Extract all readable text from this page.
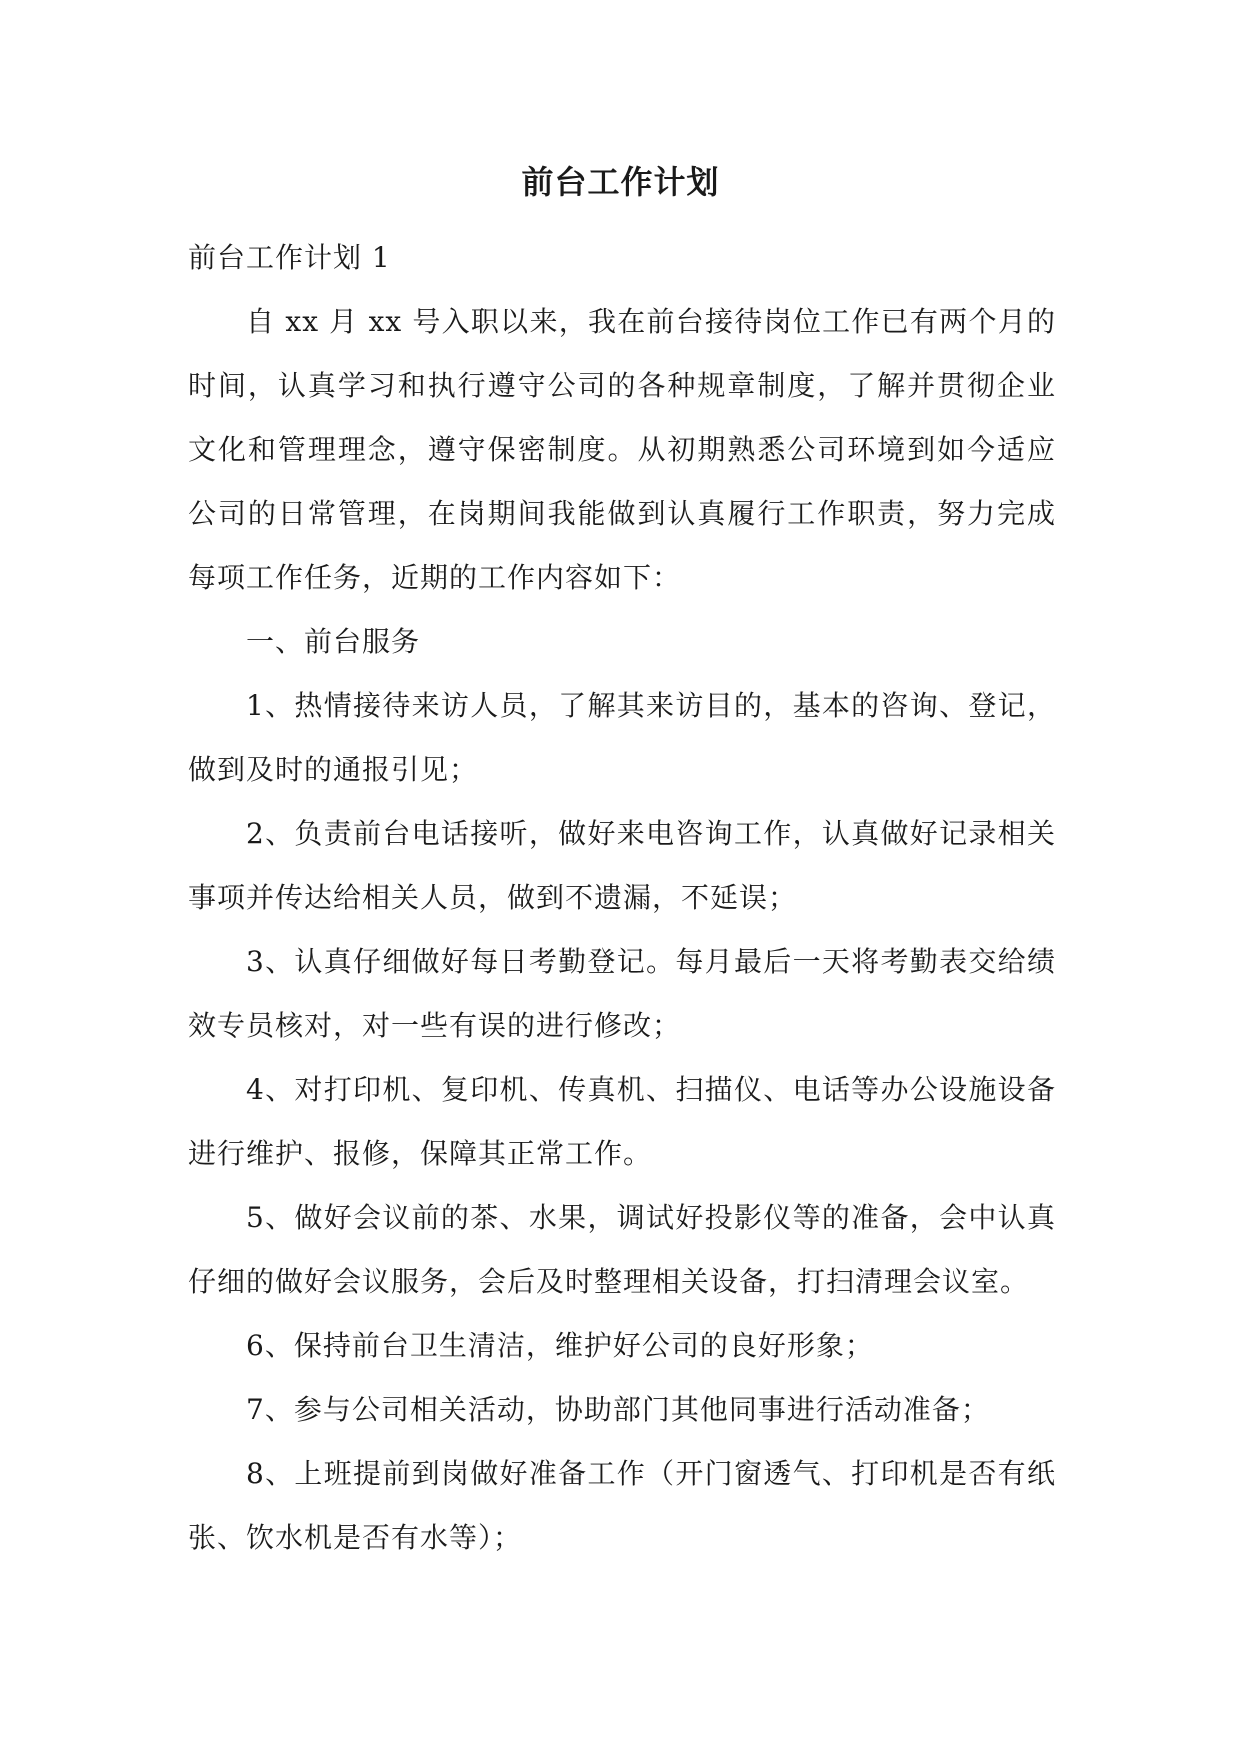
前台工作计划

前台工作计划 1

自 xx 月 xx 号入职以来，我在前台接待岗位工作已有两个月的时间，认真学习和执行遵守公司的各种规章制度，了解并贯彻企业文化和管理理念，遵守保密制度。从初期熟悉公司环境到如今适应公司的日常管理，在岗期间我能做到认真履行工作职责，努力完成每项工作任务，近期的工作内容如下：

一、前台服务

1、热情接待来访人员，了解其来访目的，基本的咨询、登记，做到及时的通报引见；

2、负责前台电话接听，做好来电咨询工作，认真做好记录相关事项并传达给相关人员，做到不遗漏，不延误；

3、认真仔细做好每日考勤登记。每月最后一天将考勤表交给绩效专员核对，对一些有误的进行修改；

4、对打印机、复印机、传真机、扫描仪、电话等办公设施设备进行维护、报修，保障其正常工作。

5、做好会议前的茶、水果，调试好投影仪等的准备，会中认真仔细的做好会议服务，会后及时整理相关设备，打扫清理会议室。

6、保持前台卫生清洁，维护好公司的良好形象；

7、参与公司相关活动，协助部门其他同事进行活动准备；

8、上班提前到岗做好准备工作（开门窗透气、打印机是否有纸张、饮水机是否有水等）；
